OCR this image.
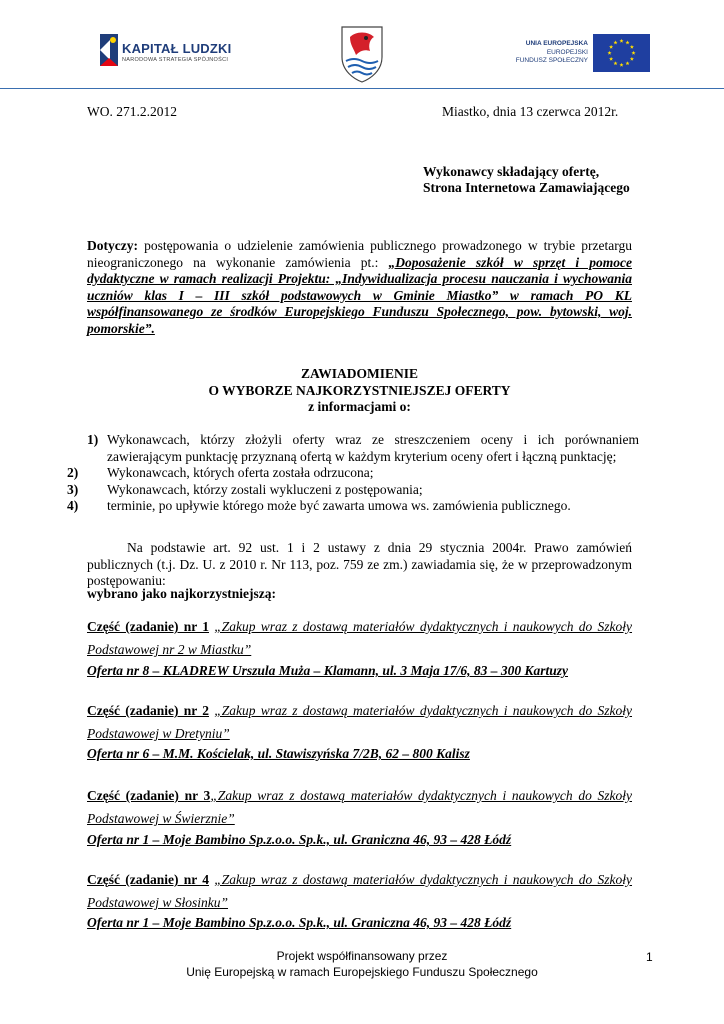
KAPITAŁ LUDZKI
NARODOWA STRATEGIA SPÓJNOŚCI
UNIA EUROPEJSKA
EUROPEJSKI
FUNDUSZ SPOŁECZNY
WO. 271.2.2012	Miastko, dnia 13 czerwca 2012r.
Wykonawcy składający ofertę,
Strona Internetowa Zamawiającego
Dotyczy: postępowania o udzielenie zamówienia publicznego prowadzonego w trybie przetargu nieograniczonego na wykonanie zamówienia pt.: „Doposażenie szkół w sprzęt i pomoce dydaktyczne w ramach realizacji Projektu: „Indywidualizacja procesu nauczania i wychowania uczniów klas I – III szkół podstawowych w Gminie Miastko” w ramach PO KL współfinansowanego ze środków Europejskiego Funduszu Społecznego, pow. bytowski, woj. pomorskie”.
ZAWIADOMIENIE
O WYBORZE NAJKORZYSTNIEJSZEJ OFERTY
z informacjami o:
1) Wykonawcach, którzy złożyli oferty wraz ze streszczeniem oceny i ich porównaniem zawierającym punktację przyznaną ofertą w każdym kryterium oceny ofert i łączną punktację;
2) Wykonawcach, których oferta została odrzucona;
3) Wykonawcach, którzy zostali wykluczeni z postępowania;
4) terminie, po upływie którego może być zawarta umowa ws. zamówienia publicznego.
Na podstawie art. 92 ust. 1 i 2 ustawy z dnia 29 stycznia 2004r. Prawo zamówień publicznych (t.j. Dz. U. z 2010 r. Nr 113, poz. 759 ze zm.) zawiadamia się, że w przeprowadzonym postępowaniu:
wybrano jako najkorzystniejszą:
Część (zadanie) nr 1 „Zakup wraz z dostawą materiałów dydaktycznych i naukowych do Szkoły
Podstawowej nr 2 w Miastku”
Oferta nr 8 – KLADREW Urszula Muża – Klamann, ul. 3 Maja 17/6, 83 – 300 Kartuzy
Część (zadanie) nr 2 „Zakup wraz z dostawą materiałów dydaktycznych i naukowych do Szkoły
Podstawowej w Dretyniu”
Oferta nr 6 – M.M. Kościelak, ul. Stawiszyńska 7/2B, 62 – 800 Kalisz
Część (zadanie) nr 3„Zakup wraz z dostawą materiałów dydaktycznych i naukowych do Szkoły
Podstawowej w Świerznie”
Oferta nr 1 – Moje Bambino Sp.z.o.o. Sp.k., ul. Graniczna 46, 93 – 428 Łódź
Część (zadanie) nr 4 „Zakup wraz z dostawą materiałów dydaktycznych i naukowych do Szkoły
Podstawowej w Słosinku”
Oferta nr 1 – Moje Bambino Sp.z.o.o. Sp.k., ul. Graniczna 46, 93 – 428 Łódź
Projekt współfinansowany przez
Unię Europejską w ramach Europejskiego Funduszu Społecznego
1
